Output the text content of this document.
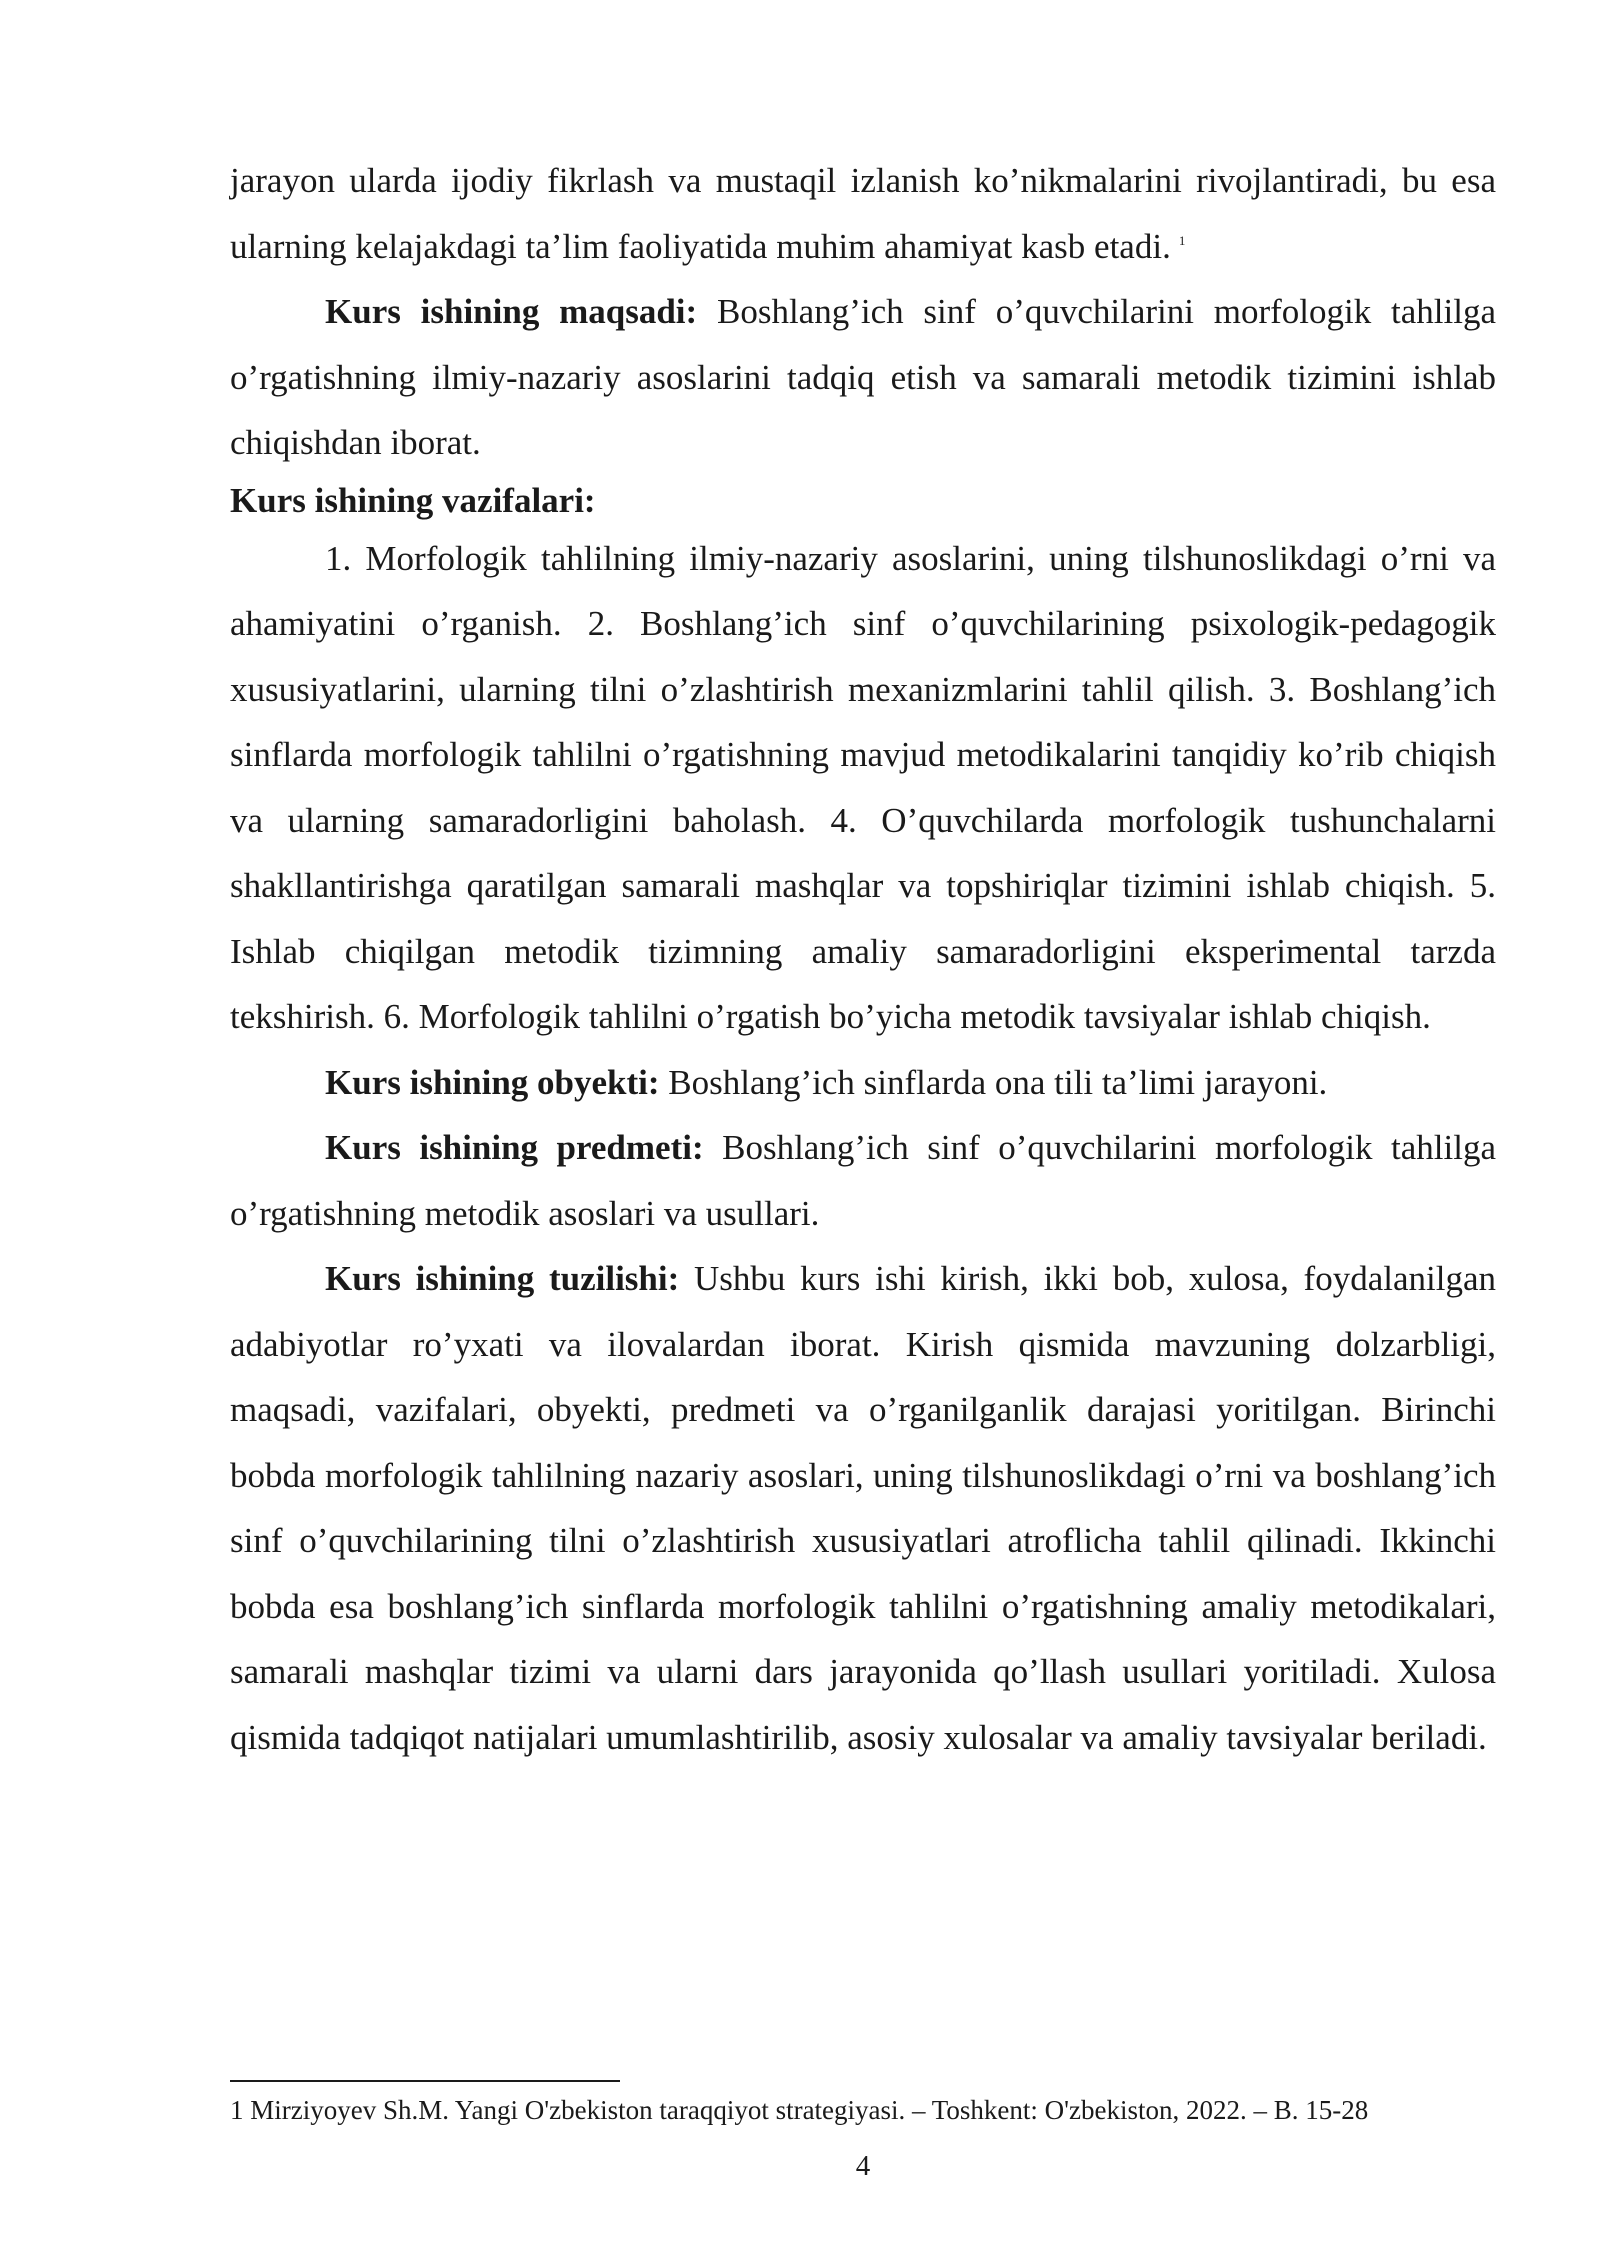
jarayon ularda ijodiy fikrlash va mustaqil izlanish ko’nikmalarini rivojlantiradi, bu esa ularning kelajakdagi ta’lim faoliyatida muhim ahamiyat kasb etadi. $^1$

Kurs ishining maqsadi: Boshlang’ich sinf o’quvchilarini morfologik tahlilga o’rgatishning ilmiy-nazariy asoslarini tadqiq etish va samarali metodik tizimini ishlab chiqishdan iborat.

Kurs ishining vazifalari:

1. Morfologik tahlilning ilmiy-nazariy asoslarini, uning tilshunoslikdagi o’rni va ahamiyatini o’rganish. 2. Boshlang’ich sinf o’quvchilarining psixologik-pedagogik xususiyatlarini, ularning tilni o’zlashtirish mexanizmlarini tahlil qilish. 3. Boshlang’ich sinflarda morfologik tahlilni o’rgatishning mavjud metodikalarini tanqidiy ko’rib chiqish va ularning samaradorligini baholash. 4. O’quvchilarda morfologik tushunchalarni shakllantirishga qaratilgan samarali mashqlar va topshiriqlar tizimini ishlab chiqish. 5. Ishlab chiqilgan metodik tizimning amaliy samaradorligini eksperimental tarzda tekshirish. 6. Morfologik tahlilni o’rgatish bo’yicha metodik tavsiyalar ishlab chiqish.

Kurs ishining obyekti: Boshlang’ich sinflarda ona tili ta’limi jarayoni.

Kurs ishining predmeti: Boshlang’ich sinf o’quvchilarini morfologik tahlilga o’rgatishning metodik asoslari va usullari.

Kurs ishining tuzilishi: Ushbu kurs ishi kirish, ikki bob, xulosa, foydalanilgan adabiyotlar ro’yxati va ilovalardan iborat. Kirish qismida mavzuning dolzarbligi, maqsadi, vazifalari, obyekti, predmeti va o’rganilganlik darajasi yoritilgan. Birinchi bobda morfologik tahlilning nazariy asoslari, uning tilshunoslikdagi o’rni va boshlang’ich sinf o’quvchilarining tilni o’zlashtirish xususiyatlari atroflicha tahlil qilinadi. Ikkinchi bobda esa boshlang’ich sinflarda morfologik tahlilni o’rgatishning amaliy metodikalari, samarali mashqlar tizimi va ularni dars jarayonida qo’llash usullari yoritiladi. Xulosa qismida tadqiqot natijalari umumlashtirilib, asosiy xulosalar va amaliy tavsiyalar beriladi.

1 Mirziyoyev Sh.M. Yangi O'zbekiston taraqqiyot strategiyasi. – Toshkent: O'zbekiston, 2022. – B. 15-28
4
